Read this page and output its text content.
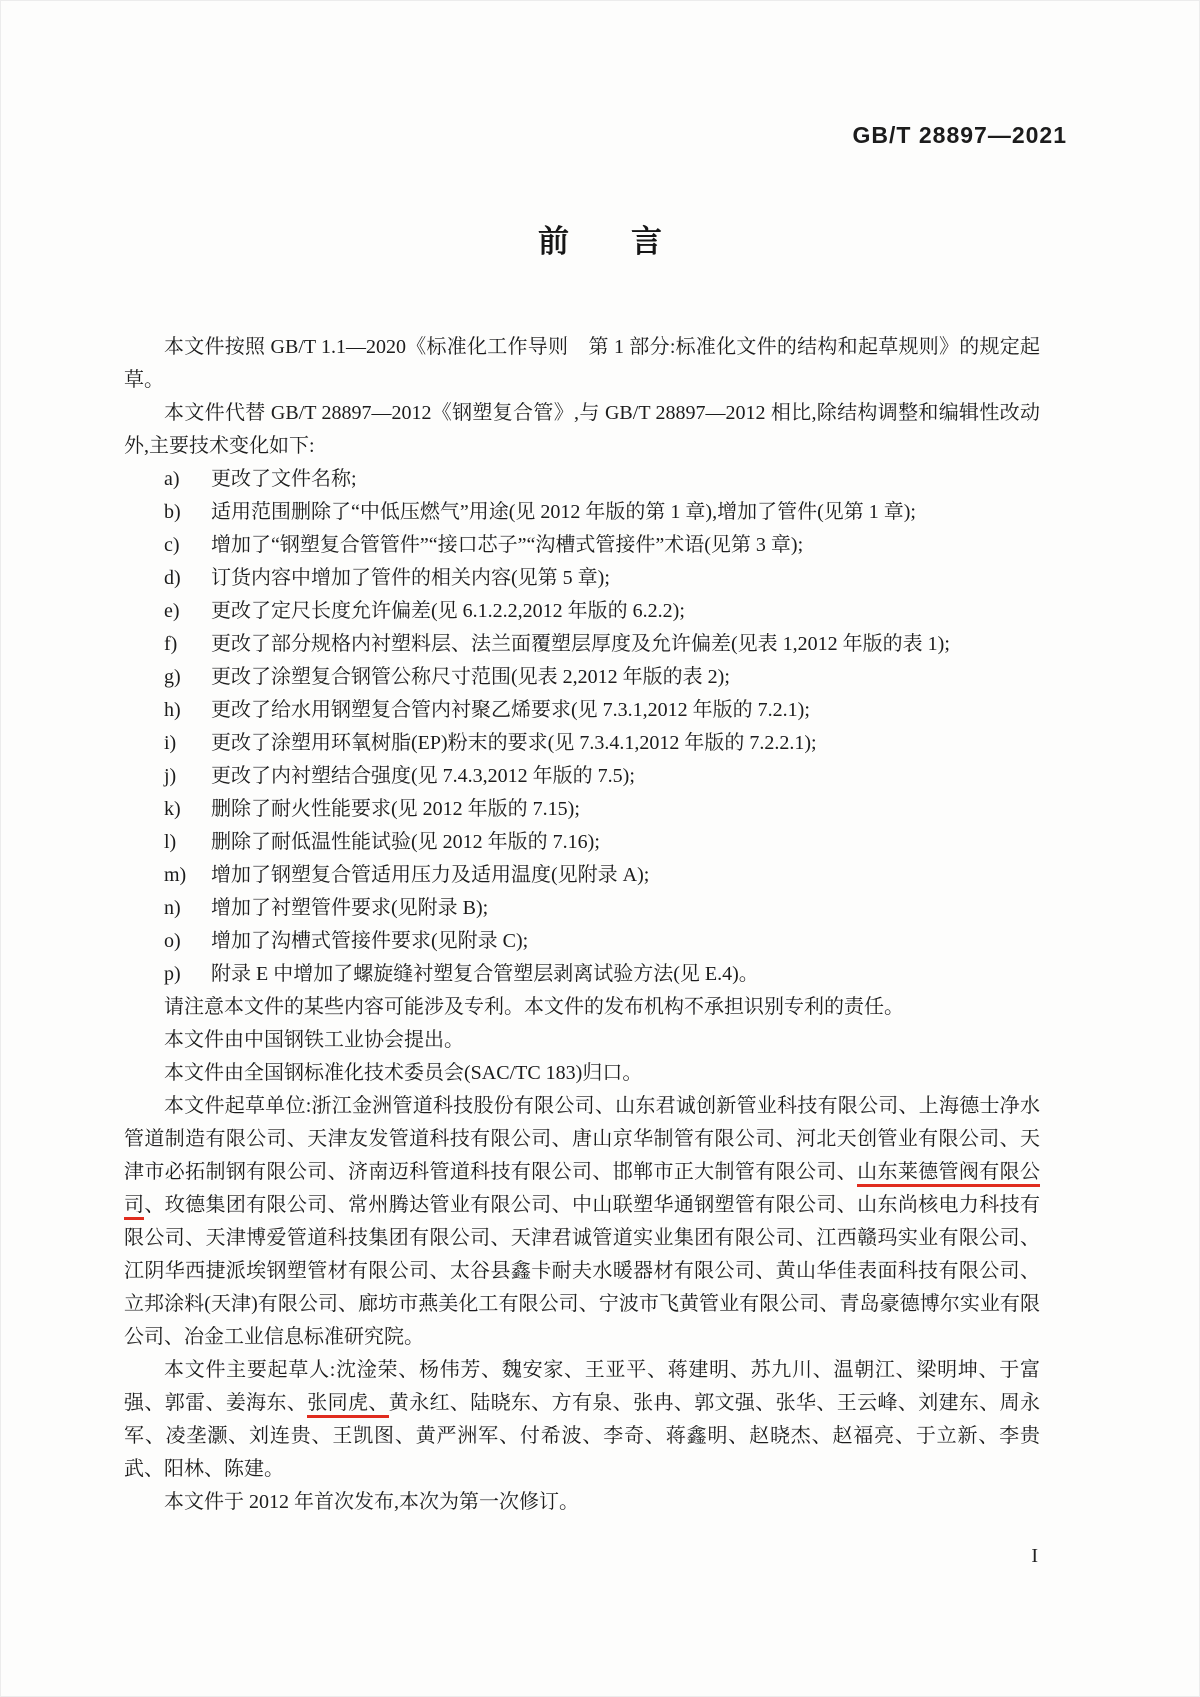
GB/T 28897—2021
前　　言

本文件按照 GB/T 1.1—2020《标准化工作导则　第 1 部分:标准化文件的结构和起草规则》的规定起草。

本文件代替 GB/T 28897—2012《钢塑复合管》,与 GB/T 28897—2012 相比,除结构调整和编辑性改动外,主要技术变化如下:

a) 更改了文件名称;
b) 适用范围删除了“中低压燃气”用途(见 2012 年版的第 1 章),增加了管件(见第 1 章);
c) 增加了“钢塑复合管管件”“接口芯子”“沟槽式管接件”术语(见第 3 章);
d) 订货内容中增加了管件的相关内容(见第 5 章);
e) 更改了定尺长度允许偏差(见 6.1.2.2,2012 年版的 6.2.2);
f) 更改了部分规格内衬塑料层、法兰面覆塑层厚度及允许偏差(见表 1,2012 年版的表 1);
g) 更改了涂塑复合钢管公称尺寸范围(见表 2,2012 年版的表 2);
h) 更改了给水用钢塑复合管内衬聚乙烯要求(见 7.3.1,2012 年版的 7.2.1);
i) 更改了涂塑用环氧树脂(EP)粉末的要求(见 7.3.4.1,2012 年版的 7.2.2.1);
j) 更改了内衬塑结合强度(见 7.4.3,2012 年版的 7.5);
k) 删除了耐火性能要求(见 2012 年版的 7.15);
l) 删除了耐低温性能试验(见 2012 年版的 7.16);
m) 增加了钢塑复合管适用压力及适用温度(见附录 A);
n) 增加了衬塑管件要求(见附录 B);
o) 增加了沟槽式管接件要求(见附录 C);
p) 附录 E 中增加了螺旋缝衬塑复合管塑层剥离试验方法(见 E.4)。

请注意本文件的某些内容可能涉及专利。本文件的发布机构不承担识别专利的责任。

本文件由中国钢铁工业协会提出。

本文件由全国钢标准化技术委员会(SAC/TC 183)归口。

本文件起草单位:浙江金洲管道科技股份有限公司、山东君诚创新管业科技有限公司、上海德士净水管道制造有限公司、天津友发管道科技有限公司、唐山京华制管有限公司、河北天创管业有限公司、天津市必拓制钢有限公司、济南迈科管道科技有限公司、邯郸市正大制管有限公司、山东莱德管阀有限公司、玫德集团有限公司、常州腾达管业有限公司、中山联塑华通钢塑管有限公司、山东尚核电力科技有限公司、天津博爱管道科技集团有限公司、天津君诚管道实业集团有限公司、江西赣玛实业有限公司、江阴华西捷派埃钢塑管材有限公司、太谷县鑫卡耐夫水暖器材有限公司、黄山华佳表面科技有限公司、立邦涂料(天津)有限公司、廊坊市燕美化工有限公司、宁波市飞黄管业有限公司、青岛豪德博尔实业有限公司、冶金工业信息标准研究院。

本文件主要起草人:沈淦荣、杨伟芳、魏安家、王亚平、蒋建明、苏九川、温朝江、梁明坤、于富强、郭雷、姜海东、张同虎、黄永红、陆晓东、方有泉、张冉、郭文强、张华、王云峰、刘建东、周永军、凌垄灏、刘连贵、王凯图、黄严洲军、付希波、李奇、蒋鑫明、赵晓杰、赵福亮、于立新、李贵武、阳林、陈建。

本文件于 2012 年首次发布,本次为第一次修订。

I
